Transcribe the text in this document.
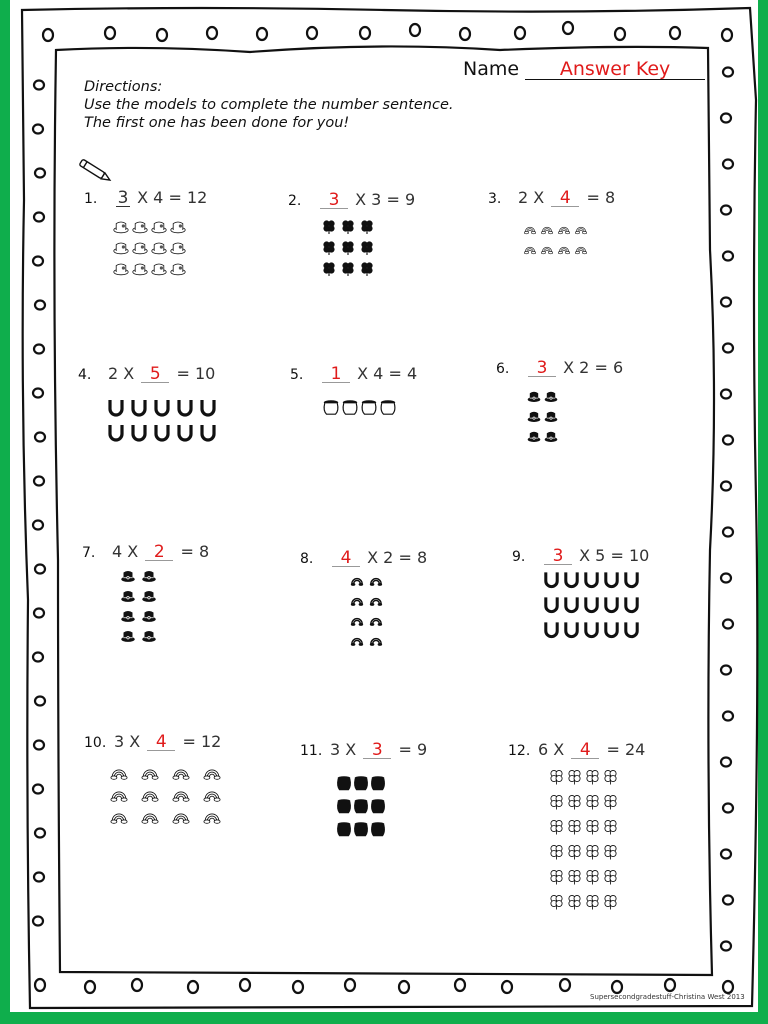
Name Answer Key
Directions:
Use the models to complete the number sentence.
The first one has been done for you!
1. 3 X 4 = 12	2. 3 X 3 = 9	3. 2 X 4 = 8
4. 2 X 5 = 10	5. 1 X 4 = 4	6. 3 X 2 = 6
7. 4 X 2 = 8	8. 4 X 2 = 8	9. 3 X 5 = 10
10. 3 X 4 = 12	11. 3 X 3 = 9	12. 6 X 4 = 24
Supersecondgradestuff-Christina West 2013
